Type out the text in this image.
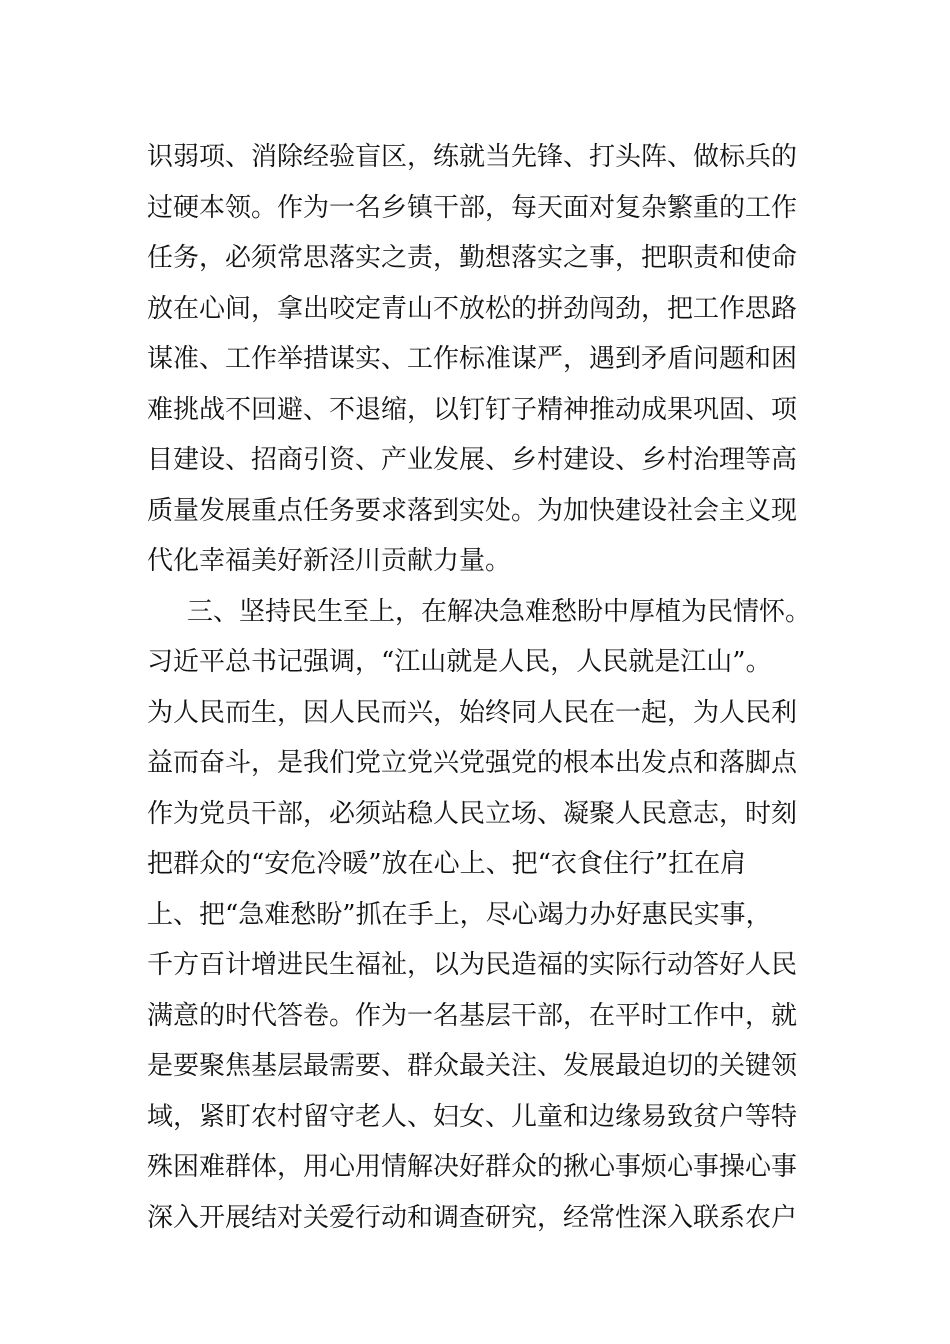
识弱项、消除经验盲区，练就当先锋、打头阵、做标兵的
过硬本领。作为一名乡镇干部，每天面对复杂繁重的工作
任务，必须常思落实之责，勤想落实之事，把职责和使命
放在心间，拿出咬定青山不放松的拼劲闯劲，把工作思路
谋准、工作举措谋实、工作标准谋严，遇到矛盾问题和困
难挑战不回避、不退缩，以钉钉子精神推动成果巩固、项
目建设、招商引资、产业发展、乡村建设、乡村治理等高
质量发展重点任务要求落到实处。为加快建设社会主义现
代化幸福美好新泾川贡献力量。
三、坚持民生至上，在解决急难愁盼中厚植为民情怀。
习近平总书记强调，“江山就是人民，人民就是江山”。
为人民而生，因人民而兴，始终同人民在一起，为人民利
益而奋斗，是我们党立党兴党强党的根本出发点和落脚点
作为党员干部，必须站稳人民立场、凝聚人民意志，时刻
把群众的“安危冷暖”放在心上、把“衣食住行”扛在肩
上、把“急难愁盼”抓在手上，尽心竭力办好惠民实事，
千方百计增进民生福祉，以为民造福的实际行动答好人民
满意的时代答卷。作为一名基层干部，在平时工作中，就
是要聚焦基层最需要、群众最关注、发展最迫切的关键领
域，紧盯农村留守老人、妇女、儿童和边缘易致贫户等特
殊困难群体，用心用情解决好群众的揪心事烦心事操心事
深入开展结对关爱行动和调查研究，经常性深入联系农户
